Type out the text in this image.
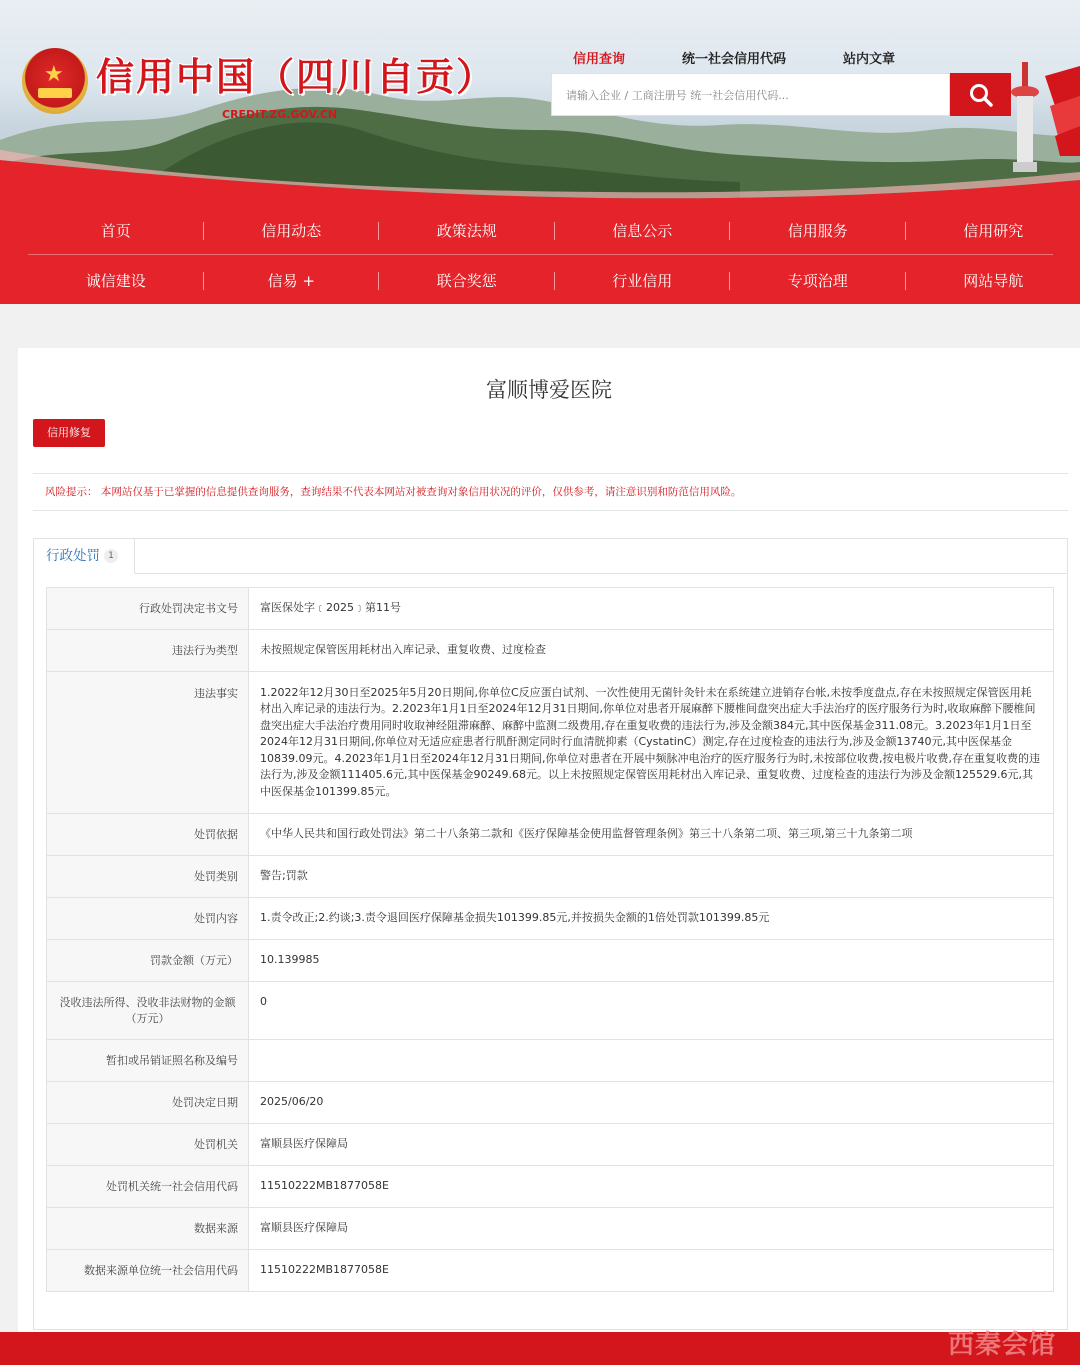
★ 信用中国（四川自贡）
CREDIT.ZG.GOV.CN
信用查询	统一社会信用代码	站内文章
请输入企业 / 工商注册号 统一社会信用代码...
首页	信用动态	政策法规	信息公示	信用服务	信用研究
诚信建设	信易 +	联合奖惩	行业信用	专项治理	网站导航
富顺博爱医院
信用修复
风险提示： 本网站仅基于已掌握的信息提供查询服务，查询结果不代表本网站对被查询对象信用状况的评价，仅供参考，请注意识别和防范信用风险。
行政处罚 1
行政处罚决定书文号	富医保处字﹝2025﹞第11号
违法行为类型	未按照规定保管医用耗材出入库记录、重复收费、过度检查
违法事实	1.2022年12月30日至2025年5月20日期间,你单位C反应蛋白试剂、一次性使用无菌针灸针未在系统建立进销存台帐,未按季度盘点,存在未按照规定保管医用耗材出入库记录的违法行为。2.2023年1月1日至2024年12月31日期间,你单位对患者开展麻醉下腰椎间盘突出症大手法治疗的医疗服务行为时,收取麻醉下腰椎间盘突出症大手法治疗费用同时收取神经阻滞麻醉、麻醉中监测二级费用,存在重复收费的违法行为,涉及金额384元,其中医保基金311.08元。3.2023年1月1日至2024年12月31日期间,你单位对无适应症患者行肌酐测定同时行血清胱抑素（CystatinC）测定,存在过度检查的违法行为,涉及金额13740元,其中医保基金10839.09元。4.2023年1月1日至2024年12月31日期间,你单位对患者在开展中频脉冲电治疗的医疗服务行为时,未按部位收费,按电极片收费,存在重复收费的违法行为,涉及金额111405.6元,其中医保基金90249.68元。以上未按照规定保管医用耗材出入库记录、重复收费、过度检查的违法行为涉及金额125529.6元,其中医保基金101399.85元。
处罚依据	《中华人民共和国行政处罚法》第二十八条第二款和《医疗保障基金使用监督管理条例》第三十八条第二项、第三项,第三十九条第二项
处罚类别	警告;罚款
处罚内容	1.责令改正;2.约谈;3.责令退回医疗保障基金损失101399.85元,并按损失金额的1倍处罚款101399.85元
罚款金额（万元）	10.139985
没收违法所得、没收非法财物的金额（万元）	0
暂扣或吊销证照名称及编号	
处罚决定日期	2025/06/20
处罚机关	富顺县医疗保障局
处罚机关统一社会信用代码	11510222MB1877058E
数据来源	富顺县医疗保障局
数据来源单位统一社会信用代码	11510222MB1877058E
西秦会馆
